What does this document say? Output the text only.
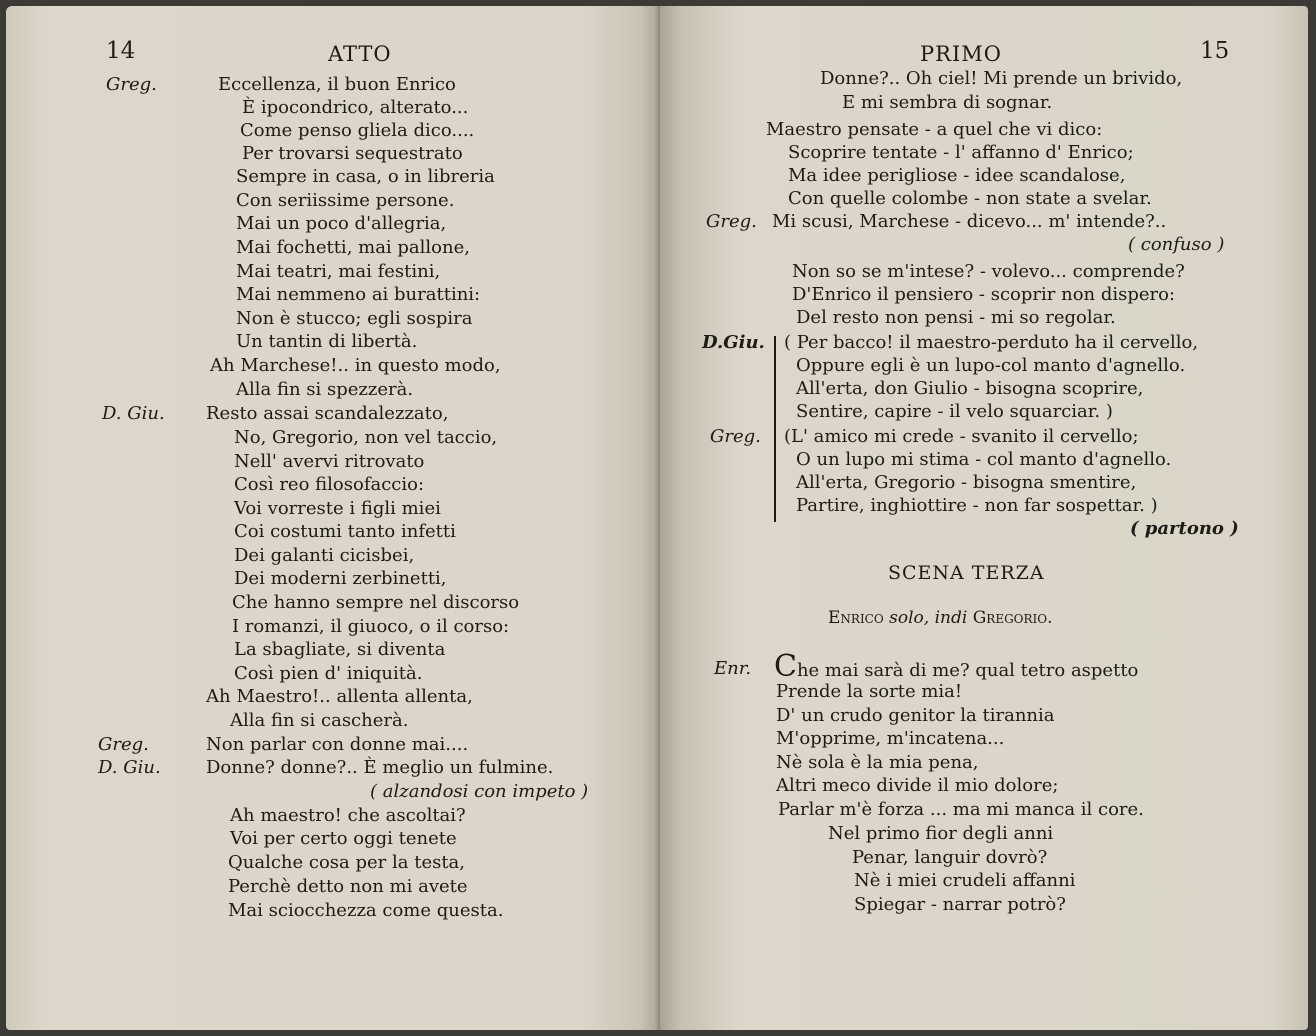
14	ATTO
Greg.	Eccellenza, il buon Enrico
È ipocondrico, alterato...
Come penso gliela dico....
Per trovarsi sequestrato
Sempre in casa, o in libreria
Con seriissime persone.
Mai un poco d'allegria,
Mai fochetti, mai pallone,
Mai teatri, mai festini,
Mai nemmeno ai burattini:
Non è stucco; egli sospira
Un tantin di libertà.
Ah Marchese!.. in questo modo,
Alla fin si spezzerà.
D. Giu. Resto assai scandalezzato,
No, Gregorio, non vel taccio,
Nell' avervi ritrovato
Così reo filosofaccio:
Voi vorreste i figli miei
Coi costumi tanto infetti
Dei galanti cicisbei,
Dei moderni zerbinetti,
Che hanno sempre nel discorso
I romanzi, il giuoco, o il corso:
La sbagliate, si diventa
Così pien d' iniquità.
Ah Maestro!.. allenta allenta,
Alla fin si cascherà.
Greg.	Non parlar con donne mai....
D. Giu.	Donne? donne?.. È meglio un fulmine.
( alzandosi con impeto )
Ah maestro! che ascoltai?
Voi per certo oggi tenete
Qualche cosa per la testa,
Perchè detto non mi avete
Mai sciocchezza come questa.
PRIMO	15
Donne?.. Oh ciel! Mi prende un brivido,
E mi sembra di sognar.
Maestro pensate - a quel che vi dico:
Scoprire tentate - l' affanno d' Enrico;
Ma idee perigliose - idee scandalose,
Con quelle colombe - non state a svelar.
Greg. Mi scusi, Marchese - dicevo... m' intende?..
( confuso )
Non so se m'intese? - volevo... comprende?
D'Enrico il pensiero - scoprir non dispero:
Del resto non pensi - mi so regolar.
D.Giu. ( Per bacco! il maestro-perduto ha il cervello,
Oppure egli è un lupo-col manto d'agnello.
All'erta, don Giulio - bisogna scoprire,
Sentire, capire - il velo squarciar. )
Greg. (L' amico mi crede - svanito il cervello;
O un lupo mi stima - col manto d'agnello.
All'erta, Gregorio - bisogna smentire,
Partire, inghiottire - non far sospettar. )
( partono )
SCENA TERZA
Enrico solo, indi Gregorio.
Enr. Che mai sarà di me? qual tetro aspetto
Prende la sorte mia!
D' un crudo genitor la tirannia
M'opprime, m'incatena...
Nè sola è la mia pena,
Altri meco divide il mio dolore;
Parlar m'è forza ... ma mi manca il core.
Nel primo fior degli anni
Penar, languir dovrò?
Nè i miei crudeli affanni
Spiegar - narrar potrò?
